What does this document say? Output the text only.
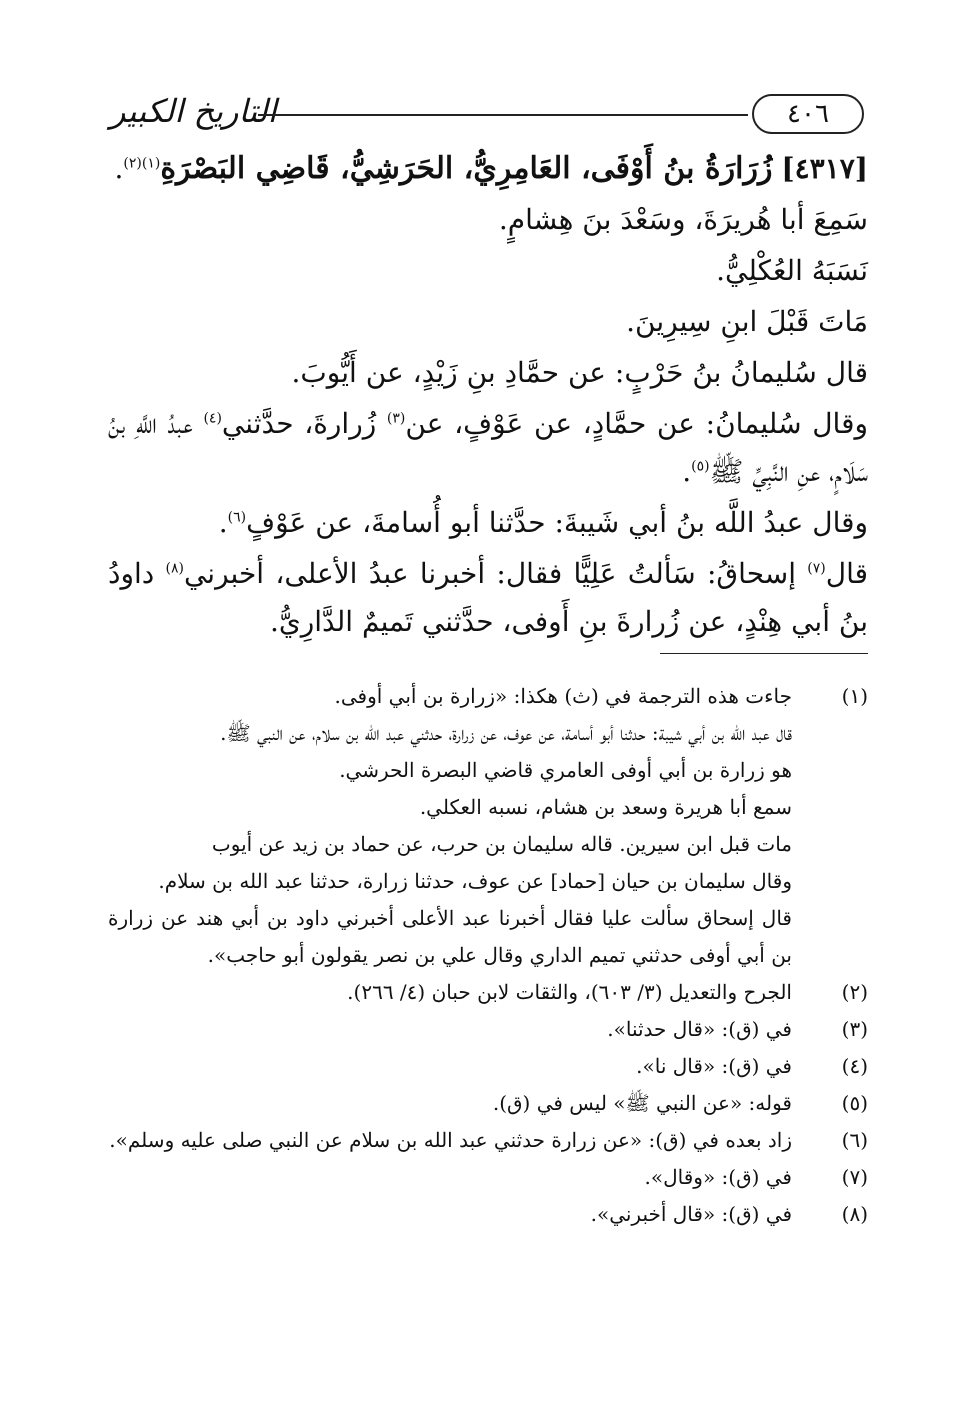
التاريخ الكبير	٤٠٦

[٤٣١٧] زُرَارَةُ بنُ أَوْفَى، العَامِرِيُّ، الحَرَشِيُّ، قَاضِي البَصْرَةِ$^{(١)(٢)}$.

سَمِعَ أبا هُريرَةَ، وسَعْدَ بنَ هِشامٍ.

نَسَبَهُ العُكْلِيُّ.

مَاتَ قَبْلَ ابنِ سِيرِينَ.

قال سُليمانُ بنُ حَرْبٍ: عن حمَّادِ بنِ زَيْدٍ، عن أَيُّوبَ.

وقال سُليمانُ: عن حمَّادٍ، عن عَوْفٍ، عن$^{(٣)}$ زُرارةَ، حدَّثني$^{(٤)}$ عبدُ اللَّهِ بنُ سَلَامٍ، عنِ النَّبِيِّ ﷺ$^{(٥)}$.

وقال عبدُ اللَّه بنُ أبي شَيبةَ: حدَّثنا أبو أُسامةَ، عن عَوْفٍ$^{(٦)}$.

قال$^{(٧)}$ إسحاقُ: سَألتُ عَلِيًّا فقال: أخبرنا عبدُ الأعلى، أخبرني$^{(٨)}$ داودُ بنُ أبي هِنْدٍ، عن زُرارةَ بنِ أَوفى، حدَّثني تَميمٌ الدَّارِيُّ.

(١)
جاءت هذه الترجمة في (ث) هكذا: «زرارة بن أبي أوفى.
قال عبد الله بن أبي شيبة: حدثنا أبو أسامة، عن عوف، عن زرارة، حدثني عبد الله بن سلام، عن النبي ﷺ.
هو زرارة بن أبي أوفى العامري قاضي البصرة الحرشي.
سمع أبا هريرة وسعد بن هشام، نسبه العكلي.
مات قبل ابن سيرين. قاله سليمان بن حرب، عن حماد بن زيد عن أيوب
وقال سليمان بن حيان [حماد] عن عوف، حدثنا زرارة، حدثنا عبد الله بن سلام.
قال إسحاق سألت عليا فقال أخبرنا عبد الأعلى أخبرني داود بن أبي هند عن زرارة بن أبي أوفى حدثني تميم الداري وقال علي بن نصر يقولون أبو حاجب».
(٢)
الجرح والتعديل (٣/ ٦٠٣)، والثقات لابن حبان (٤/ ٢٦٦).
(٣)
في (ق): «قال حدثنا».
(٤)
في (ق): «قال نا».
(٥)
قوله: «عن النبي ﷺ» ليس في (ق).
(٦)
زاد بعده في (ق): «عن زرارة حدثني عبد الله بن سلام عن النبي صلى عليه وسلم».
(٧)
في (ق): «وقال».
(٨)
في (ق): «قال أخبرني».
